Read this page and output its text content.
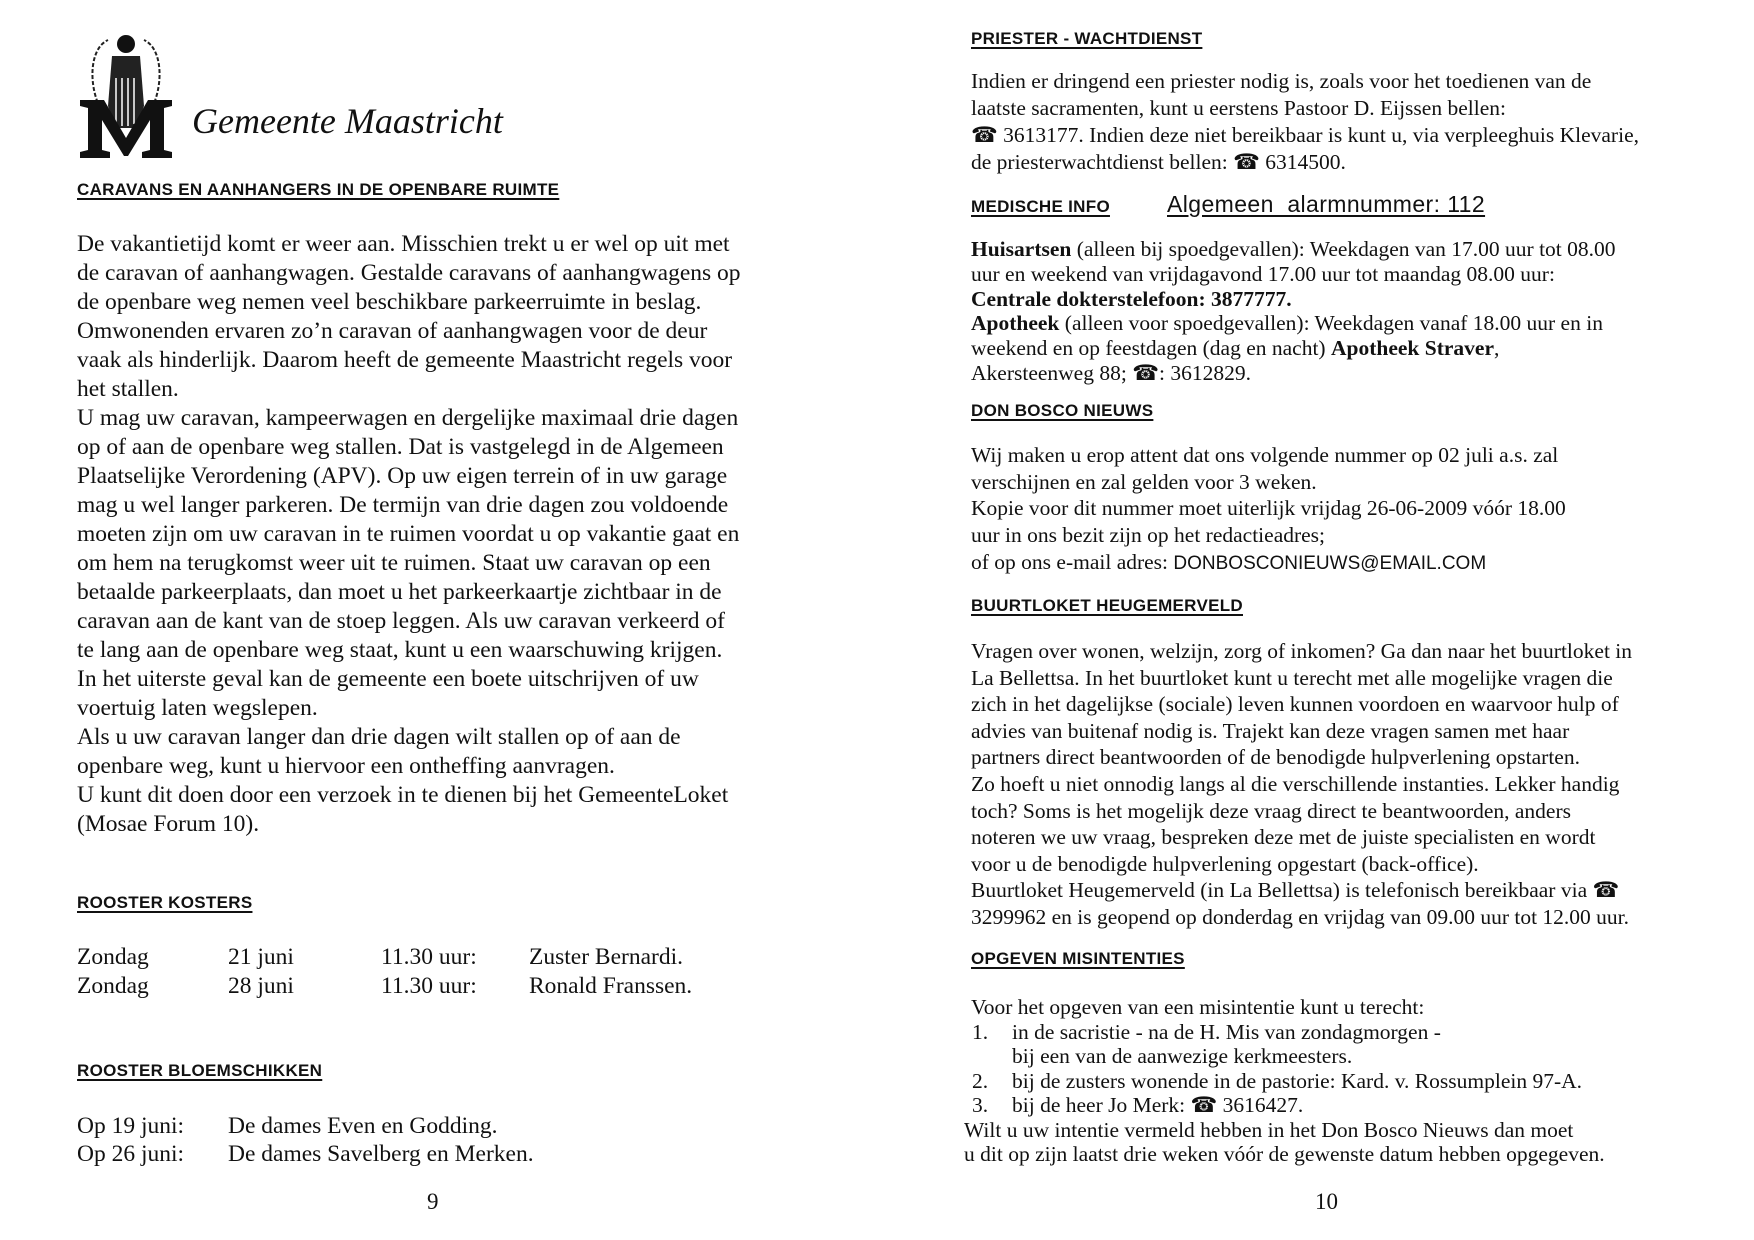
Gemeente Maastricht
CARAVANS EN AANHANGERS IN DE OPENBARE RUIMTE
De vakantietijd komt er weer aan. Misschien trekt u er wel op uit met
de caravan of aanhangwagen. Gestalde caravans of aanhangwagens op
de openbare weg nemen veel beschikbare parkeerruimte in beslag.
Omwonenden ervaren zo’n caravan of aanhangwagen voor de deur
vaak als hinderlijk. Daarom heeft de gemeente Maastricht regels voor
het stallen.
U mag uw caravan, kampeerwagen en dergelijke maximaal drie dagen
op of aan de openbare weg stallen. Dat is vastgelegd in de Algemeen
Plaatselijke Verordening (APV). Op uw eigen terrein of in uw garage
mag u wel langer parkeren. De termijn van drie dagen zou voldoende
moeten zijn om uw caravan in te ruimen voordat u op vakantie gaat en
om hem na terugkomst weer uit te ruimen. Staat uw caravan op een
betaalde parkeerplaats, dan moet u het parkeerkaartje zichtbaar in de
caravan aan de kant van de stoep leggen. Als uw caravan verkeerd of
te lang aan de openbare weg staat, kunt u een waarschuwing krijgen.
In het uiterste geval kan de gemeente een boete uitschrijven of uw
voertuig laten wegslepen.
Als u uw caravan langer dan drie dagen wilt stallen op of aan de
openbare weg, kunt u hiervoor een ontheffing aanvragen.
U kunt dit doen door een verzoek in te dienen bij het GemeenteLoket
(Mosae Forum 10).
ROOSTER KOSTERS
Zondag	21 juni	11.30 uur: Zuster Bernardi.
Zondag	28 juni	11.30 uur: Ronald Franssen.
ROOSTER BLOEMSCHIKKEN
Op 19 juni: De dames Even en Godding.
Op 26 juni: De dames Savelberg en Merken.
9
PRIESTER - WACHTDIENST
Indien er dringend een priester nodig is, zoals voor het toedienen van de
laatste sacramenten, kunt u eerstens Pastoor D. Eijssen bellen:
☎ 3613177. Indien deze niet bereikbaar is kunt u, via verpleeghuis Klevarie,
de priesterwachtdienst bellen: ☎ 6314500.
MEDISCHE INFO Algemeen  alarmnummer: 112
Huisartsen (alleen bij spoedgevallen): Weekdagen van 17.00 uur tot 08.00
uur en weekend van vrijdagavond 17.00 uur tot maandag 08.00 uur:
Centrale dokterstelefoon: 3877777.
Apotheek (alleen voor spoedgevallen): Weekdagen vanaf 18.00 uur en in
weekend en op feestdagen (dag en nacht) Apotheek Straver,
Akersteenweg 88; ☎: 3612829.
DON BOSCO NIEUWS
Wij maken u erop attent dat ons volgende nummer op 02 juli a.s. zal
verschijnen en zal gelden voor 3 weken.
Kopie voor dit nummer moet uiterlijk vrijdag 26-06-2009 vóór 18.00
uur in ons bezit zijn op het redactieadres;
of op ons e-mail adres: DONBOSCONIEUWS@EMAIL.COM
BUURTLOKET HEUGEMERVELD
Vragen over wonen, welzijn, zorg of inkomen? Ga dan naar het buurtloket in
La Bellettsa. In het buurtloket kunt u terecht met alle mogelijke vragen die
zich in het dagelijkse (sociale) leven kunnen voordoen en waarvoor hulp of
advies van buitenaf nodig is. Trajekt kan deze vragen samen met haar
partners direct beantwoorden of de benodigde hulpverlening opstarten.
Zo hoeft u niet onnodig langs al die verschillende instanties. Lekker handig
toch? Soms is het mogelijk deze vraag direct te beantwoorden, anders
noteren we uw vraag, bespreken deze met de juiste specialisten en wordt
voor u de benodigde hulpverlening opgestart (back-office).
Buurtloket Heugemerveld (in La Bellettsa) is telefonisch bereikbaar via ☎
3299962 en is geopend op donderdag en vrijdag van 09.00 uur tot 12.00 uur.
OPGEVEN MISINTENTIES
Voor het opgeven van een misintentie kunt u terecht:
1. in de sacristie - na de H. Mis van zondagmorgen -
bij een van de aanwezige kerkmeesters.
2. bij de zusters wonende in de pastorie: Kard. v. Rossumplein 97-A.
3. bij de heer Jo Merk: ☎ 3616427.
Wilt u uw intentie vermeld hebben in het Don Bosco Nieuws dan moet
u dit op zijn laatst drie weken vóór de gewenste datum hebben opgegeven.
10
